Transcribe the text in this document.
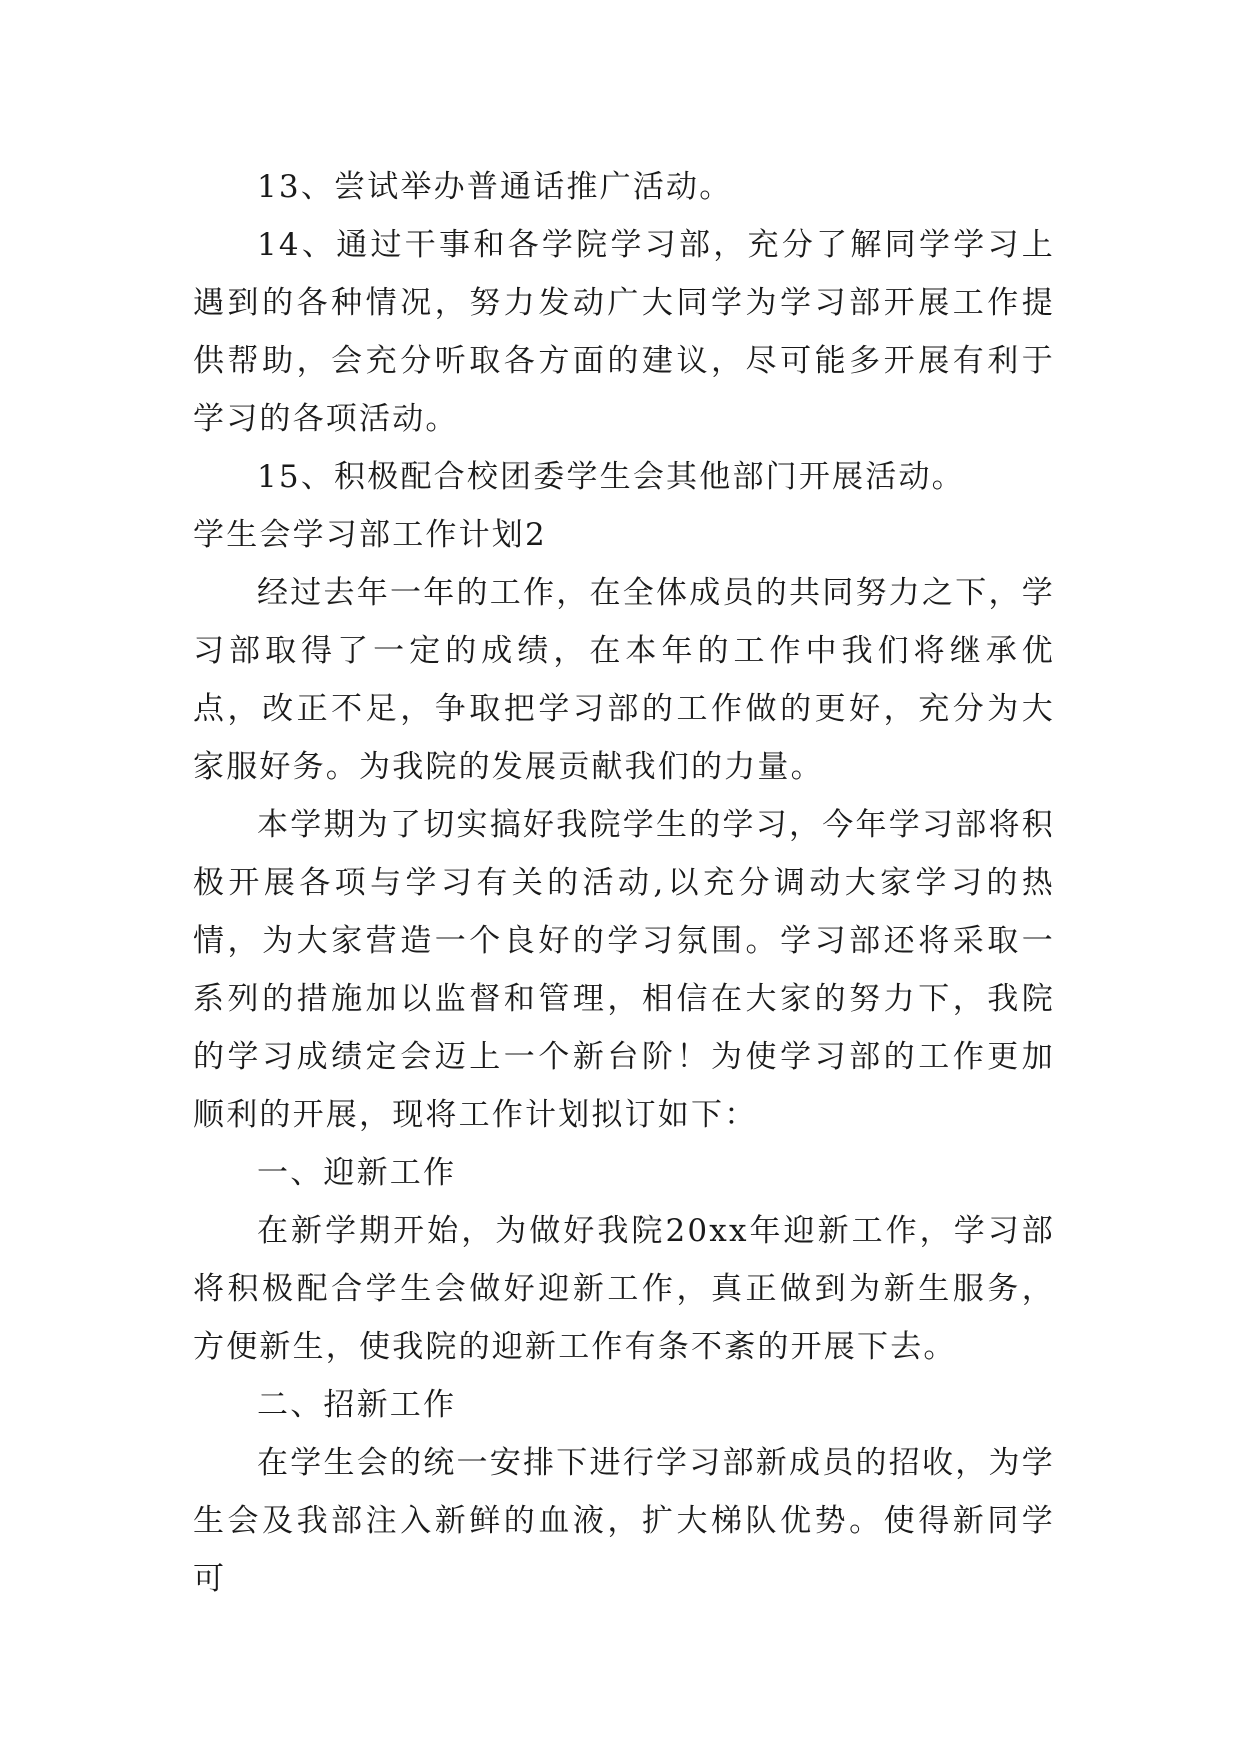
13、尝试举办普通话推广活动。

14、通过干事和各学院学习部，充分了解同学学习上遇到的各种情况，努力发动广大同学为学习部开展工作提供帮助，会充分听取各方面的建议，尽可能多开展有利于学习的各项活动。

15、积极配合校团委学生会其他部门开展活动。

学生会学习部工作计划2

经过去年一年的工作，在全体成员的共同努力之下，学习部取得了一定的成绩，在本年的工作中我们将继承优点，改正不足，争取把学习部的工作做的更好，充分为大家服好务。为我院的发展贡献我们的力量。

本学期为了切实搞好我院学生的学习，今年学习部将积极开展各项与学习有关的活动,以充分调动大家学习的热情，为大家营造一个良好的学习氛围。学习部还将采取一系列的措施加以监督和管理，相信在大家的努力下，我院的学习成绩定会迈上一个新台阶！为使学习部的工作更加顺利的开展，现将工作计划拟订如下：

一、迎新工作

在新学期开始，为做好我院20xx年迎新工作，学习部将积极配合学生会做好迎新工作，真正做到为新生服务，方便新生，使我院的迎新工作有条不紊的开展下去。

二、招新工作

在学生会的统一安排下进行学习部新成员的招收，为学生会及我部注入新鲜的血液，扩大梯队优势。使得新同学可
